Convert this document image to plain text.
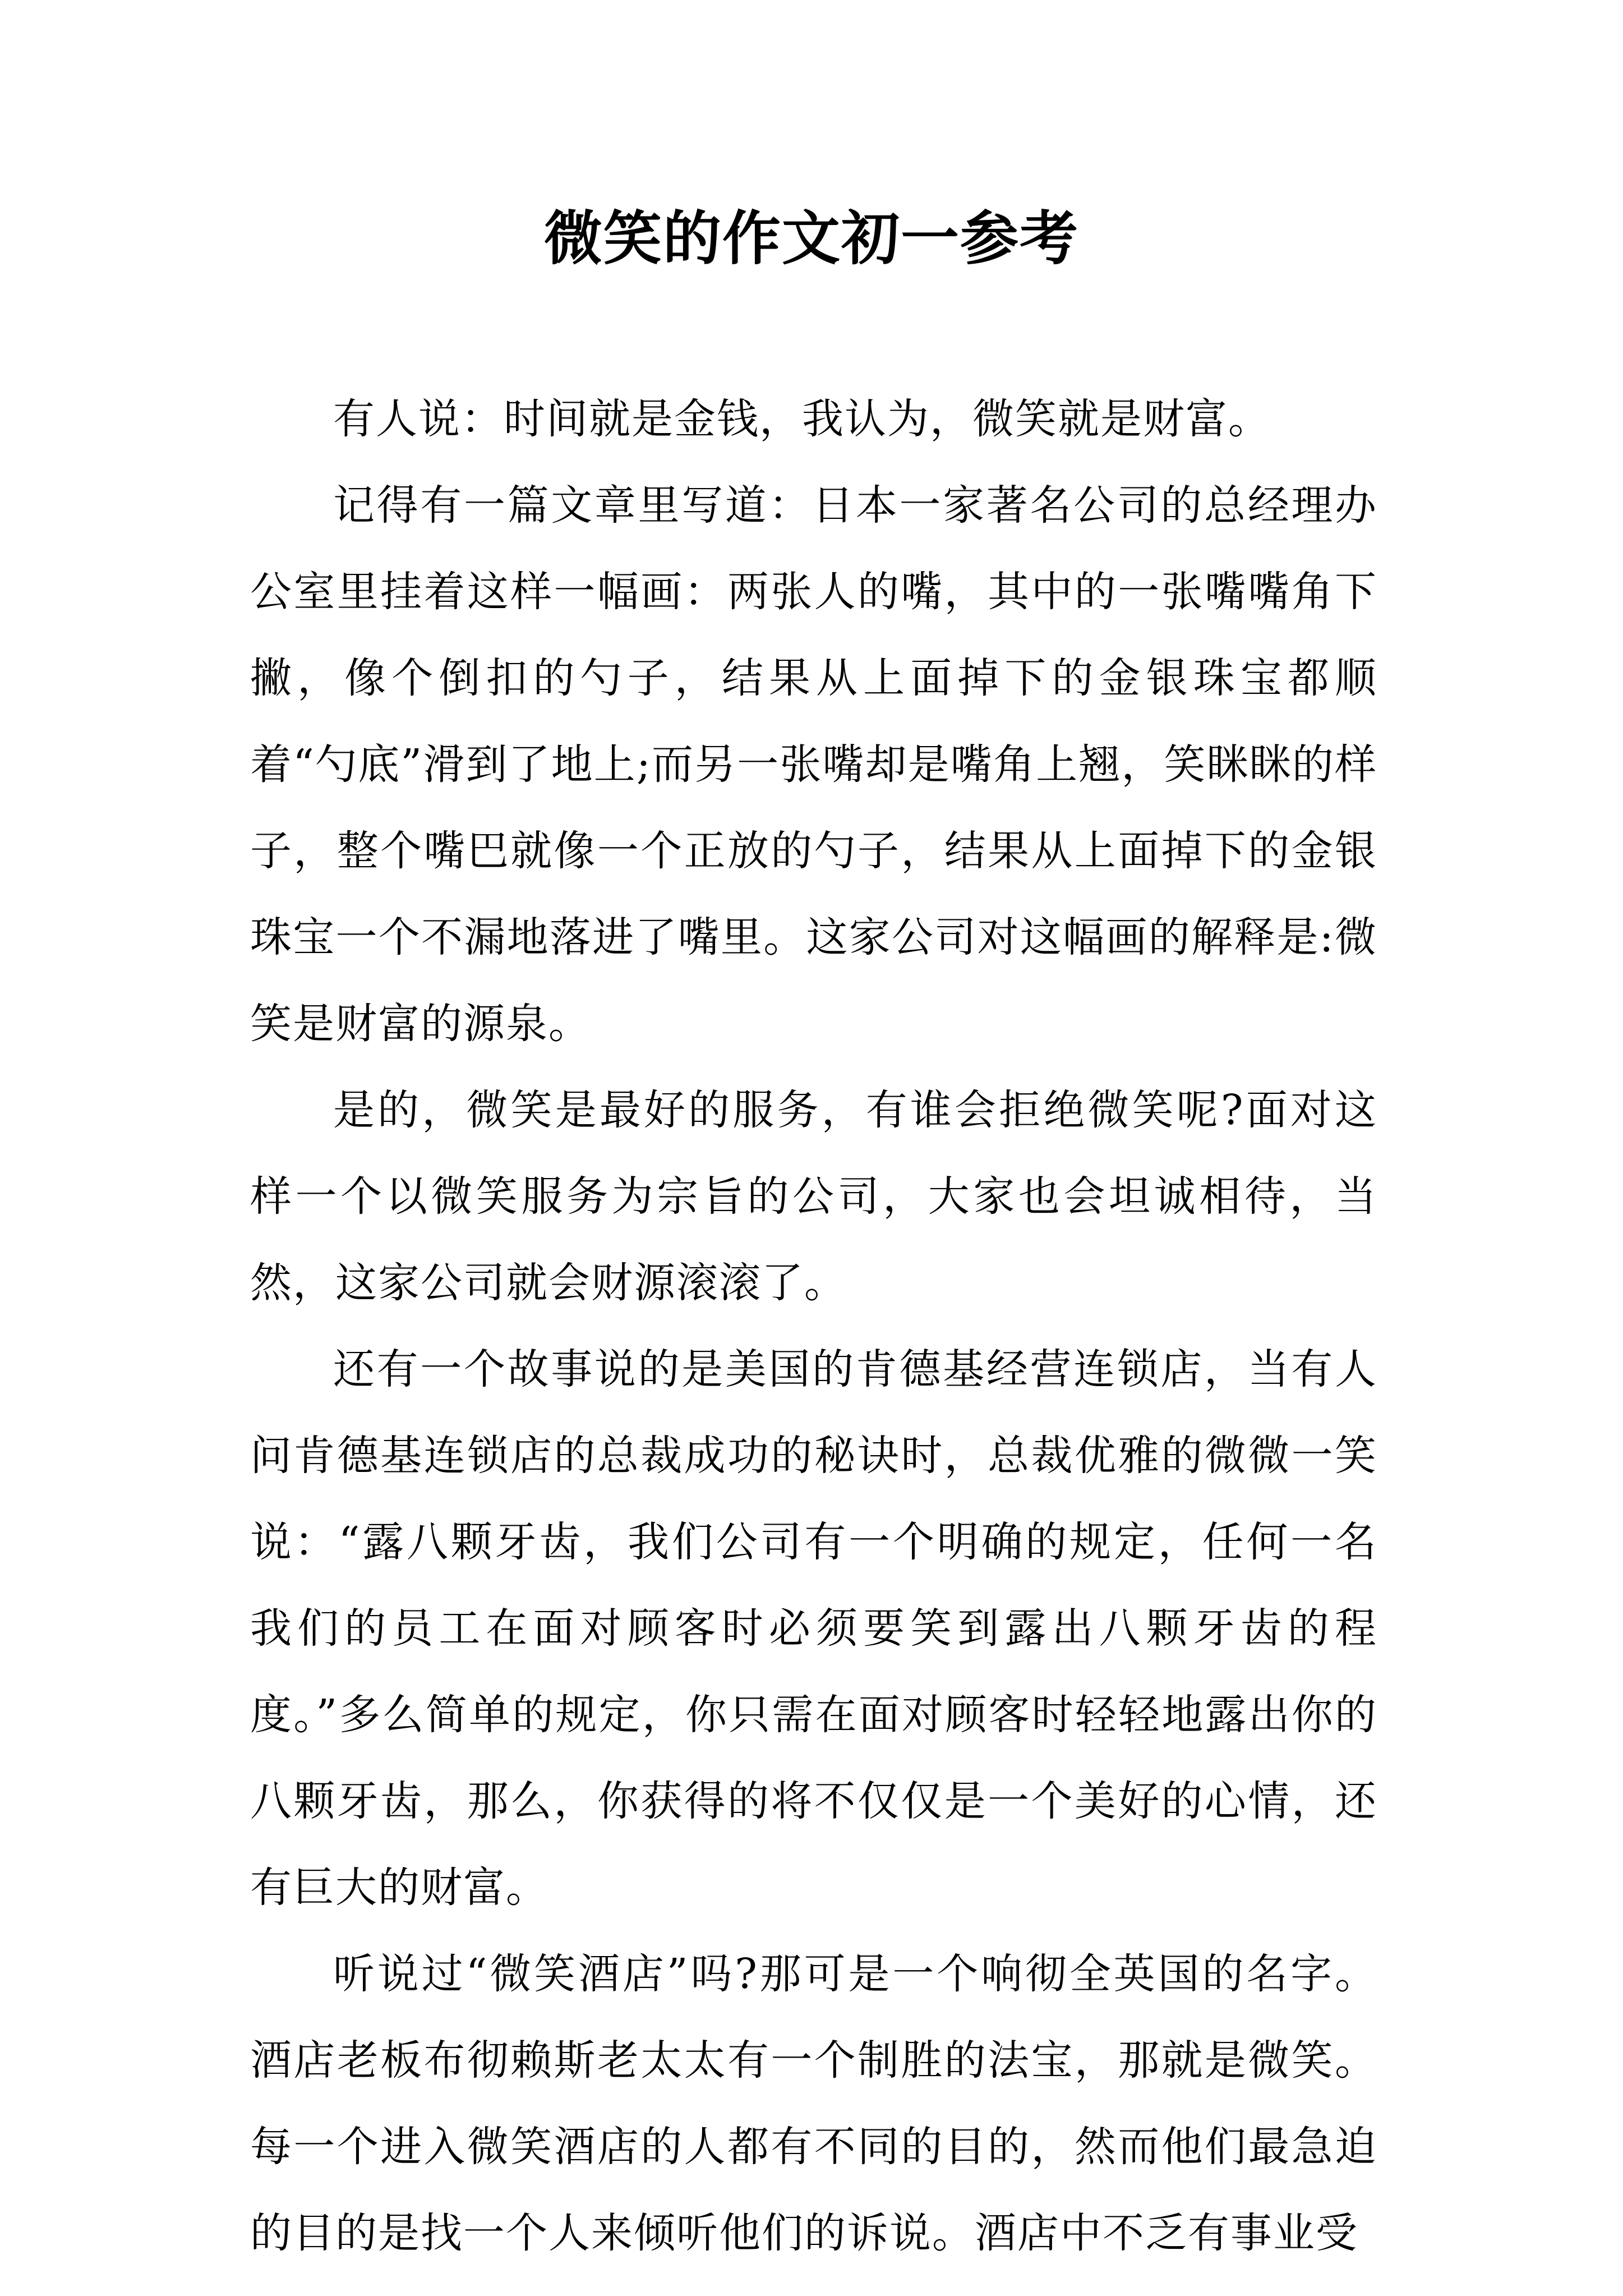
微笑的作文初一参考

有人说：时间就是金钱，我认为，微笑就是财富。

记得有一篇文章里写道：日本一家著名公司的总经理办公室里挂着这样一幅画：两张人的嘴，其中的一张嘴嘴角下撇，像个倒扣的勺子，结果从上面掉下的金银珠宝都顺着“勺底”滑到了地上;而另一张嘴却是嘴角上翘，笑眯眯的样子，整个嘴巴就像一个正放的勺子，结果从上面掉下的金银珠宝一个不漏地落进了嘴里。这家公司对这幅画的解释是:微笑是财富的源泉。

是的，微笑是最好的服务，有谁会拒绝微笑呢?面对这样一个以微笑服务为宗旨的公司，大家也会坦诚相待，当然，这家公司就会财源滚滚了。

还有一个故事说的是美国的肯德基经营连锁店，当有人问肯德基连锁店的总裁成功的秘诀时，总裁优雅的微微一笑说：“露八颗牙齿，我们公司有一个明确的规定，任何一名我们的员工在面对顾客时必须要笑到露出八颗牙齿的程度。”多么简单的规定，你只需在面对顾客时轻轻地露出你的八颗牙齿，那么，你获得的将不仅仅是一个美好的心情，还有巨大的财富。

听说过“微笑酒店”吗?那可是一个响彻全英国的名字。酒店老板布彻赖斯老太太有一个制胜的法宝，那就是微笑。每一个进入微笑酒店的人都有不同的目的，然而他们最急迫的目的是找一个人来倾听他们的诉说。酒店中不乏有事业受
